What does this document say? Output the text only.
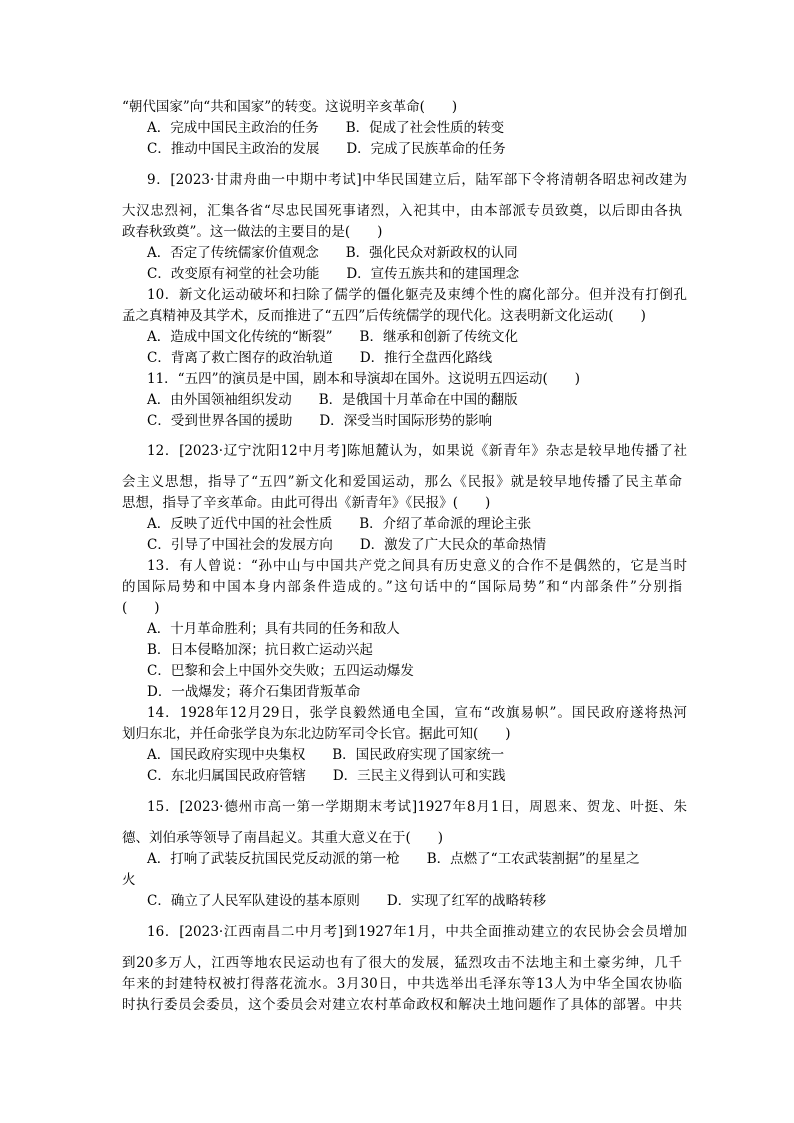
“朝代国家”向“共和国家”的转变。这说明辛亥革命(　　)
A．完成中国民主政治的任务　　B．促成了社会性质的转变
C．推动中国民主政治的发展　　D．完成了民族革命的任务
9．[2023·甘肃舟曲一中期中考试]中华民国建立后，陆军部下令将清朝各昭忠祠改建为
大汉忠烈祠，汇集各省“尽忠民国死事诸烈，入祀其中，由本部派专员致奠，以后即由各执
政春秋致奠”。这一做法的主要目的是(　　)
A．否定了传统儒家价值观念　　B．强化民众对新政权的认同
C．改变原有祠堂的社会功能　　D．宣传五族共和的建国理念
10．新文化运动破坏和扫除了儒学的僵化躯壳及束缚个性的腐化部分。但并没有打倒孔
孟之真精神及其学术，反而推进了“五四”后传统儒学的现代化。这表明新文化运动(　　)
A．造成中国文化传统的“断裂”　　B．继承和创新了传统文化
C．背离了救亡图存的政治轨道　　D．推行全盘西化路线
11．“五四”的演员是中国，剧本和导演却在国外。这说明五四运动(　　)
A．由外国领袖组织发动　　B．是俄国十月革命在中国的翻版
C．受到世界各国的援助　　D．深受当时国际形势的影响
12．[2023·辽宁沈阳12中月考]陈旭麓认为，如果说《新青年》杂志是较早地传播了社
会主义思想，指导了“五四”新文化和爱国运动，那么《民报》就是较早地传播了民主革命
思想，指导了辛亥革命。由此可得出《新青年》《民报》(　　)
A．反映了近代中国的社会性质　　B．介绍了革命派的理论主张
C．引导了中国社会的发展方向　　D．激发了广大民众的革命热情
13．有人曾说：“孙中山与中国共产党之间具有历史意义的合作不是偶然的，它是当时
的国际局势和中国本身内部条件造成的。”这句话中的“国际局势”和“内部条件”分别指
(　　)
A．十月革命胜利；具有共同的任务和敌人
B．日本侵略加深；抗日救亡运动兴起
C．巴黎和会上中国外交失败；五四运动爆发
D．一战爆发；蒋介石集团背叛革命
14．1928年12月29日，张学良毅然通电全国，宣布“改旗易帜”。国民政府遂将热河
划归东北，并任命张学良为东北边防军司令长官。据此可知(　　)
A．国民政府实现中央集权　　B．国民政府实现了国家统一
C．东北归属国民政府管辖　　D．三民主义得到认可和实践
15．[2023·德州市高一第一学期期末考试]1927年8月1日，周恩来、贺龙、叶挺、朱
德、刘伯承等领导了南昌起义。其重大意义在于(　　)
A．打响了武装反抗国民党反动派的第一枪　　B．点燃了“工农武装割据”的星星之
火
C．确立了人民军队建设的基本原则　　D．实现了红军的战略转移
16．[2023·江西南昌二中月考]到1927年1月，中共全面推动建立的农民协会会员增加
到20多万人，江西等地农民运动也有了很大的发展，猛烈攻击不法地主和土豪劣绅，几千
年来的封建特权被打得落花流水。3月30日，中共选举出毛泽东等13人为中华全国农协临
时执行委员会委员，这个委员会对建立农村革命政权和解决土地问题作了具体的部署。中共
